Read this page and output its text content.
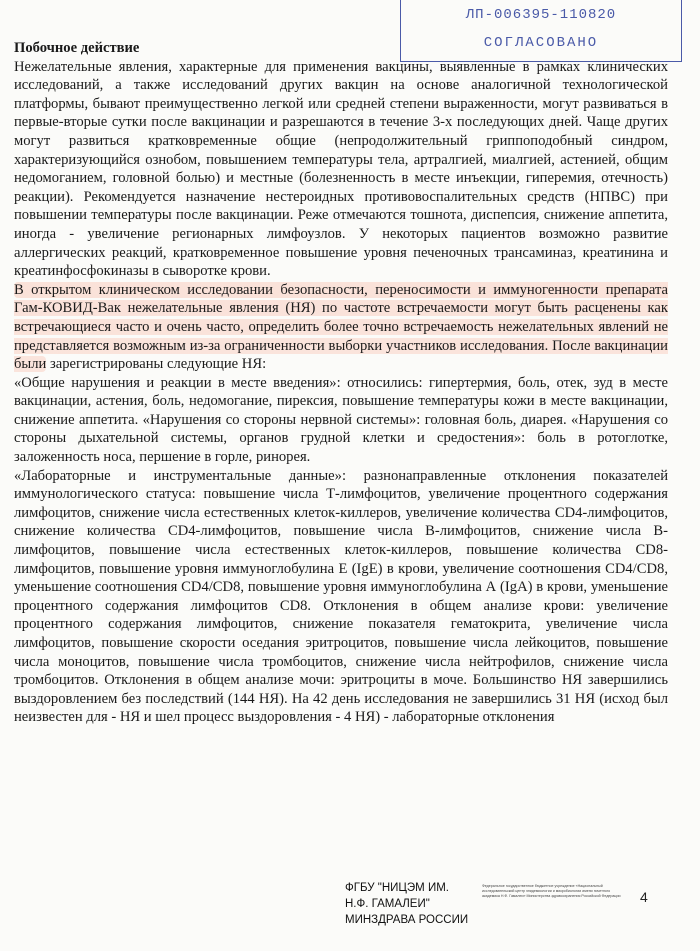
ЛП-006395-110820
СОГЛАСОВАНО

Побочное действие

Нежелательные явления, характерные для применения вакцины, выявленные в рамках клинических исследований, а также исследований других вакцин на основе аналогичной технологической платформы, бывают преимущественно легкой или средней степени выраженности, могут развиваться в первые-вторые сутки после вакцинации и разрешаются в течение 3-х последующих дней. Чаще других могут развиться кратковременные общие (непродолжительный гриппоподобный синдром, характеризующийся ознобом, повышением температуры тела, артралгией, миалгией, астенией, общим недомоганием, головной болью) и местные (болезненность в месте инъекции, гиперемия, отечность) реакции). Рекомендуется назначение нестероидных противовоспалительных средств (НПВС) при повышении температуры после вакцинации. Реже отмечаются тошнота, диспепсия, снижение аппетита, иногда - увеличение регионарных лимфоузлов. У некоторых пациентов возможно развитие аллергических реакций, кратковременное повышение уровня печеночных трансаминаз, креатинина и креатинфосфокиназы в сыворотке крови.

В открытом клиническом исследовании безопасности, переносимости и иммуногенности препарата Гам-КОВИД-Вак нежелательные явления (НЯ) по частоте встречаемости могут быть расценены как встречающиеся часто и очень часто, определить более точно встречаемость нежелательных явлений не представляется возможным из-за ограниченности выборки участников исследования. После вакцинации были зарегистрированы следующие НЯ:

«Общие нарушения и реакции в месте введения»: относились: гипертермия, боль, отек, зуд в месте вакцинации, астения, боль, недомогание, пирексия, повышение температуры кожи в месте вакцинации, снижение аппетита. «Нарушения со стороны нервной системы»: головная боль, диарея. «Нарушения со стороны дыхательной системы, органов грудной клетки и средостения»: боль в ротоглотке, заложенность носа, першение в горле, ринорея.

«Лабораторные и инструментальные данные»: разнонаправленные отклонения показателей иммунологического статуса: повышение числа Т-лимфоцитов, увеличение процентного содержания лимфоцитов, снижение числа естественных клеток-киллеров, увеличение количества CD4-лимфоцитов, снижение количества CD4-лимфоцитов, повышение числа В-лимфоцитов, снижение числа В-лимфоцитов, повышение числа естественных клеток-киллеров, повышение количества CD8-лимфоцитов, повышение уровня иммуноглобулина Е (IgE) в крови, увеличение соотношения CD4/CD8, уменьшение соотношения CD4/CD8, повышение уровня иммуноглобулина А (IgA) в крови, уменьшение процентного содержания лимфоцитов CD8. Отклонения в общем анализе крови: увеличение процентного содержания лимфоцитов, снижение показателя гематокрита, увеличение числа лимфоцитов, повышение скорости оседания эритроцитов, повышение числа лейкоцитов, повышение числа моноцитов, повышение числа тромбоцитов, снижение числа нейтрофилов, снижение числа тромбоцитов. Отклонения в общем анализе мочи: эритроциты в моче. Большинство НЯ завершились выздоровлением без последствий (144 НЯ). На 42 день исследования не завершились 31 НЯ (исход был неизвестен для - НЯ и шел процесс выздоровления - 4 НЯ) - лабораторные отклонения

ФГБУ "НИЦЭМ ИМ.
Н.Ф. ГАМАЛЕИ"
МИНЗДРАВА РОССИИ
Федеральное государственное бюджетное учреждение «Национальный исследовательский центр эпидемиологии и микробиологии имени почетного академика Н.Ф. Гамалеи» Министерства здравоохранения Российской Федерации 4
